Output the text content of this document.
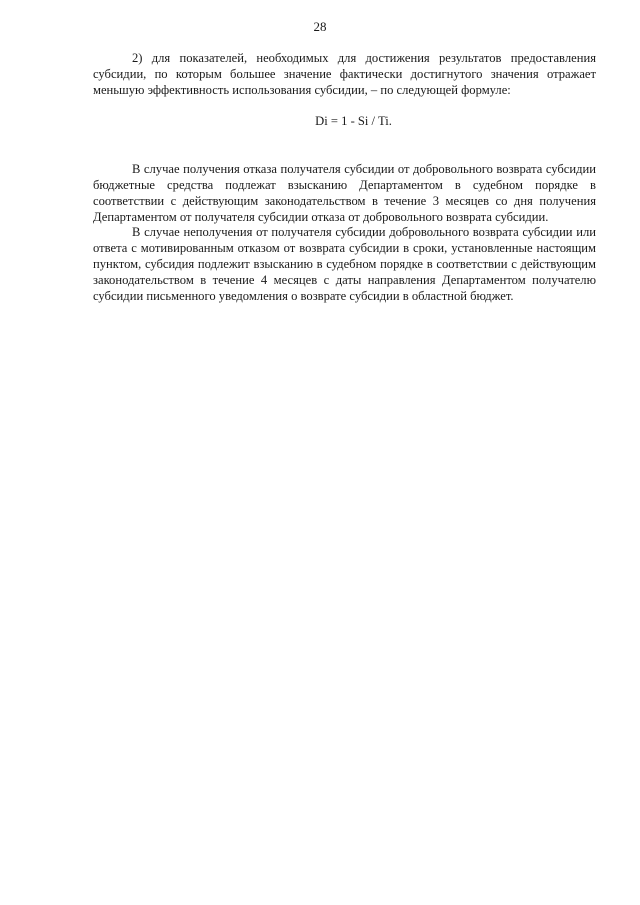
28

2) для показателей, необходимых для достижения результатов предоставления субсидии, по которым большее значение фактически достигнутого значения отражает меньшую эффективность использования субсидии, – по следующей формуле:

Di = 1 - Si / Ti.

В случае получения отказа получателя субсидии от добровольного возврата субсидии бюджетные средства подлежат взысканию Департаментом в судебном порядке в соответствии с действующим законодательством в течение 3 месяцев со дня получения Департаментом от получателя субсидии отказа от добровольного возврата субсидии.

В случае неполучения от получателя субсидии добровольного возврата субсидии или ответа с мотивированным отказом от возврата субсидии в сроки, установленные настоящим пунктом, субсидия подлежит взысканию в судебном порядке в соответствии с действующим законодательством в течение 4 месяцев с даты направления Департаментом получателю субсидии письменного уведомления о возврате субсидии в областной бюджет.
